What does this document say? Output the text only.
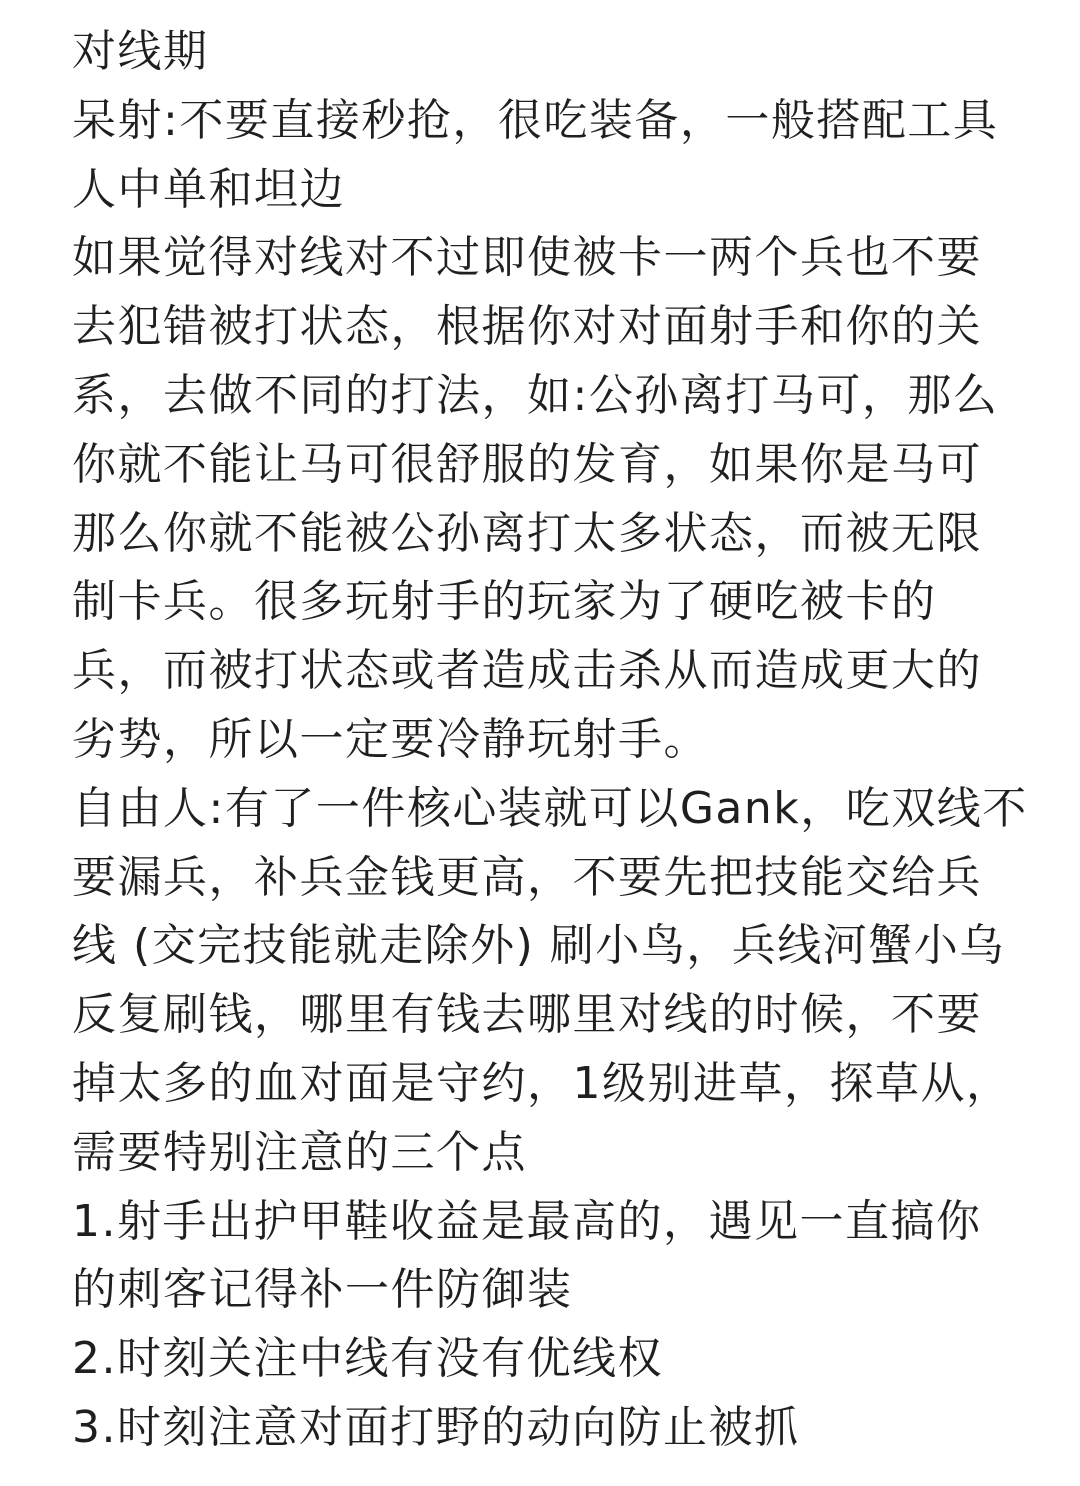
对线期
呆射:不要直接秒抢，很吃装备，一般搭配工具
人中单和坦边
如果觉得对线对不过即使被卡一两个兵也不要
去犯错被打状态，根据你对对面射手和你的关
系，去做不同的打法，如:公孙离打马可，那么
你就不能让马可很舒服的发育，如果你是马可
那么你就不能被公孙离打太多状态，而被无限
制卡兵。很多玩射手的玩家为了硬吃被卡的
兵，而被打状态或者造成击杀从而造成更大的
劣势，所以一定要冷静玩射手。
自由人:有了一件核心装就可以Gank，吃双线不
要漏兵，补兵金钱更高，不要先把技能交给兵
线 (交完技能就走除外) 刷小鸟，兵线河蟹小乌
反复刷钱，哪里有钱去哪里对线的时候，不要
掉太多的血对面是守约，1级别进草，探草从，
需要特别注意的三个点
1.射手出护甲鞋收益是最高的，遇见一直搞你
的刺客记得补一件防御装
2.时刻关注中线有没有优线权
3.时刻注意对面打野的动向防止被抓
